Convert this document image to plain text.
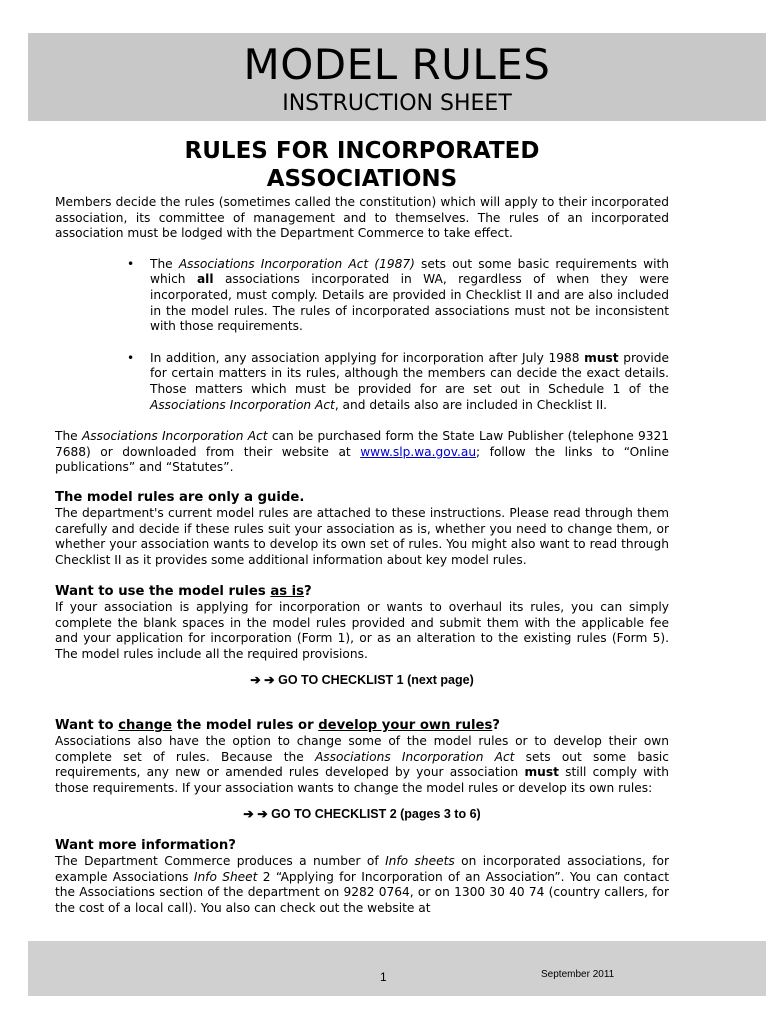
MODEL RULES
INSTRUCTION SHEET
RULES FOR INCORPORATED
ASSOCIATIONS

Members decide the rules (sometimes called the constitution) which will apply to their incorporated association, its committee of management and to themselves. The rules of an incorporated association must be lodged with the Department Commerce to take effect.

• The Associations Incorporation Act (1987) sets out some basic requirements with which all associations incorporated in WA, regardless of when they were incorporated, must comply. Details are provided in Checklist II and are also included in the model rules. The rules of incorporated associations must not be inconsistent with those requirements.
• In addition, any association applying for incorporation after July 1988 must provide for certain matters in its rules, although the members can decide the exact details. Those matters which must be provided for are set out in Schedule 1 of the Associations Incorporation Act, and details also are included in Checklist II.

The Associations Incorporation Act can be purchased form the State Law Publisher (telephone 9321 7688) or downloaded from their website at www.slp.wa.gov.au; follow the links to “Online publications” and “Statutes”.

The model rules are only a guide.

The department's current model rules are attached to these instructions. Please read through them carefully and decide if these rules suit your association as is, whether you need to change them, or whether your association wants to develop its own set of rules. You might also want to read through Checklist II as it provides some additional information about key model rules.

Want to use the model rules as is?

If your association is applying for incorporation or wants to overhaul its rules, you can simply complete the blank spaces in the model rules provided and submit them with the applicable fee and your application for incorporation (Form 1), or as an alteration to the existing rules (Form 5). The model rules include all the required provisions.

➔ ➔ GO TO CHECKLIST 1 (next page)
Want to change the model rules or develop your own rules?

Associations also have the option to change some of the model rules or to develop their own complete set of rules. Because the Associations Incorporation Act sets out some basic requirements, any new or amended rules developed by your association must still comply with those requirements. If your association wants to change the model rules or develop its own rules:

➔ ➔ GO TO CHECKLIST 2 (pages 3 to 6)
Want more information?

The Department Commerce produces a number of Info sheets on incorporated associations, for example Associations Info Sheet 2 “Applying for Incorporation of an Association”. You can contact the Associations section of the department on 9282 0764, or on 1300 30 40 74 (country callers, for the cost of a local call). You also can check out the website at

1	September 2011
